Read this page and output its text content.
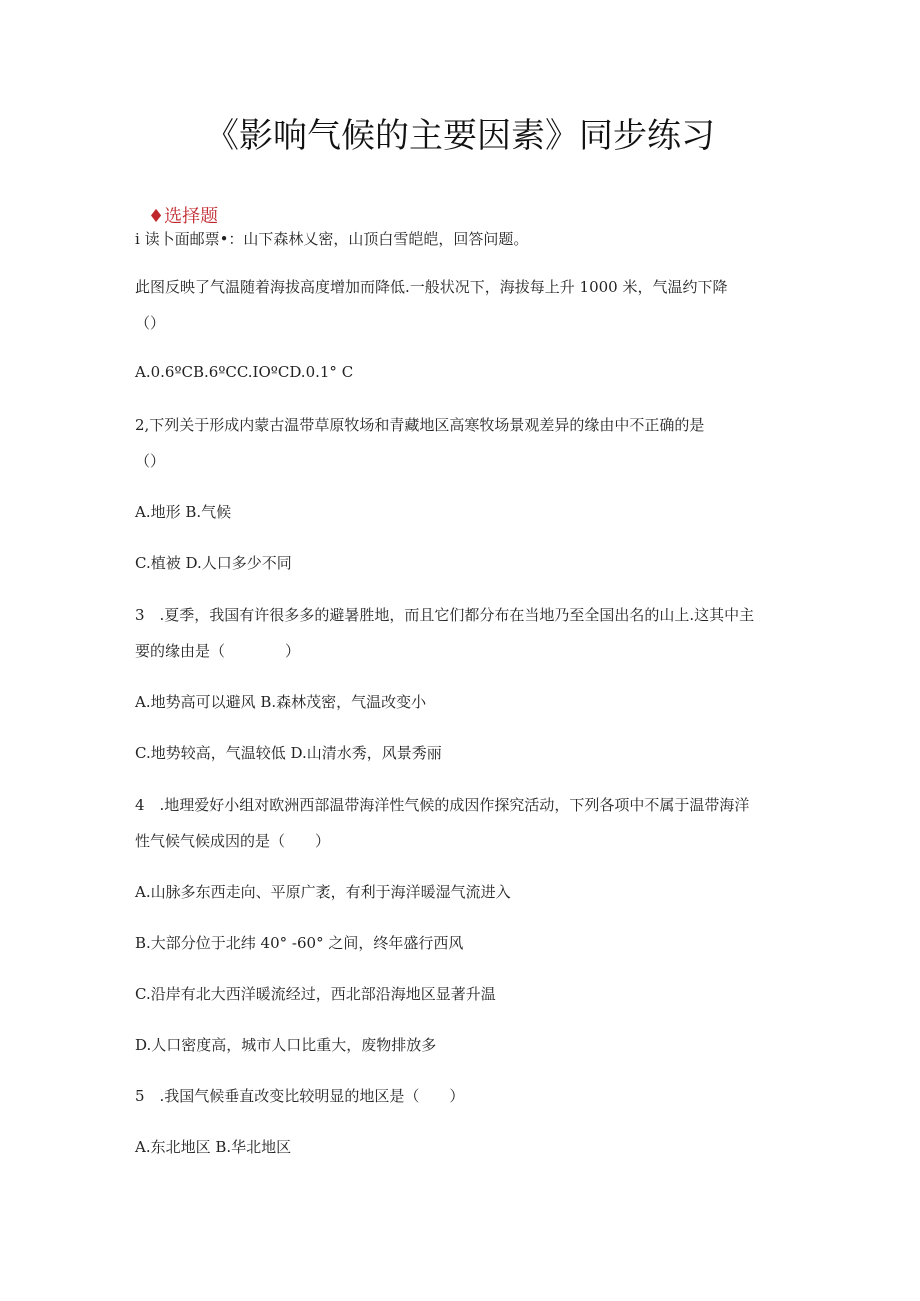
《影响气候的主要因素》同步练习
♦选择题
i 读卜面邮票•：山下森林乂密，山顶白雪皑皑，回答问题。
此图反映了气温随着海拔高度增加而降低.一般状况下，海拔每上升 1000 米，气温约下降
（）
A.0.6ºCB.6ºCC.IOºCD.0.1° C
2,下列关于形成内蒙古温带草原牧场和青藏地区高寒牧场景观差异的缘由中不正确的是
（）
A.地形 B.气候
C.植被 D.人口多少不同
3　.夏季，我国有许很多多的避暑胜地，而且它们都分布在当地乃至全国出名的山上.这其中主
要的缘由是（　　　　）
A.地势高可以避风 B.森林茂密，气温改变小
C.地势较高，气温较低 D.山清水秀，风景秀丽
4　.地理爱好小组对欧洲西部温带海洋性气候的成因作探究活动，下列各项中不属于温带海洋
性气候气候成因的是（　　）
A.山脉多东西走向、平原广袤，有利于海洋暖湿气流进入
B.大部分位于北纬 40° -60° 之间，终年盛行西风
C.沿岸有北大西洋暖流经过，西北部沿海地区显著升温
D.人口密度高，城市人口比重大，废物排放多
5　.我国气候垂直改变比较明显的地区是（　　）
A.东北地区 B.华北地区
